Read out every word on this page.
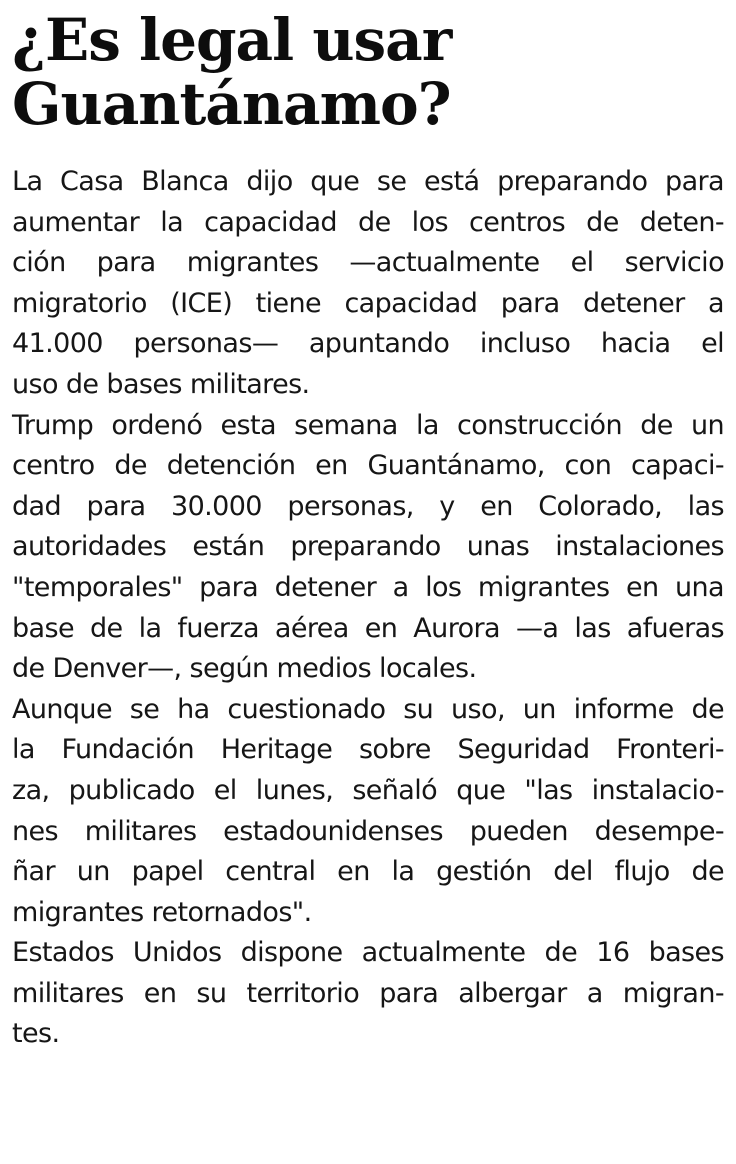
¿Es legal usar
Guantánamo?

La Casa Blanca dijo que se está preparando para
aumentar la capacidad de los centros de deten-
ción para migrantes —actualmente el servicio
migratorio (ICE) tiene capacidad para detener a
41.000 personas— apuntando incluso hacia el
uso de bases militares.

Trump ordenó esta semana la construcción de un
centro de detención en Guantánamo, con capaci-
dad para 30.000 personas, y en Colorado, las
autoridades están preparando unas instalaciones
"temporales" para detener a los migrantes en una
base de la fuerza aérea en Aurora —a las afueras
de Denver—, según medios locales.

Aunque se ha cuestionado su uso, un informe de
la Fundación Heritage sobre Seguridad Fronteri-
za, publicado el lunes, señaló que "las instalacio-
nes militares estadounidenses pueden desempe-
ñar un papel central en la gestión del flujo de
migrantes retornados".

Estados Unidos dispone actualmente de 16 bases
militares en su territorio para albergar a migran-
tes.
